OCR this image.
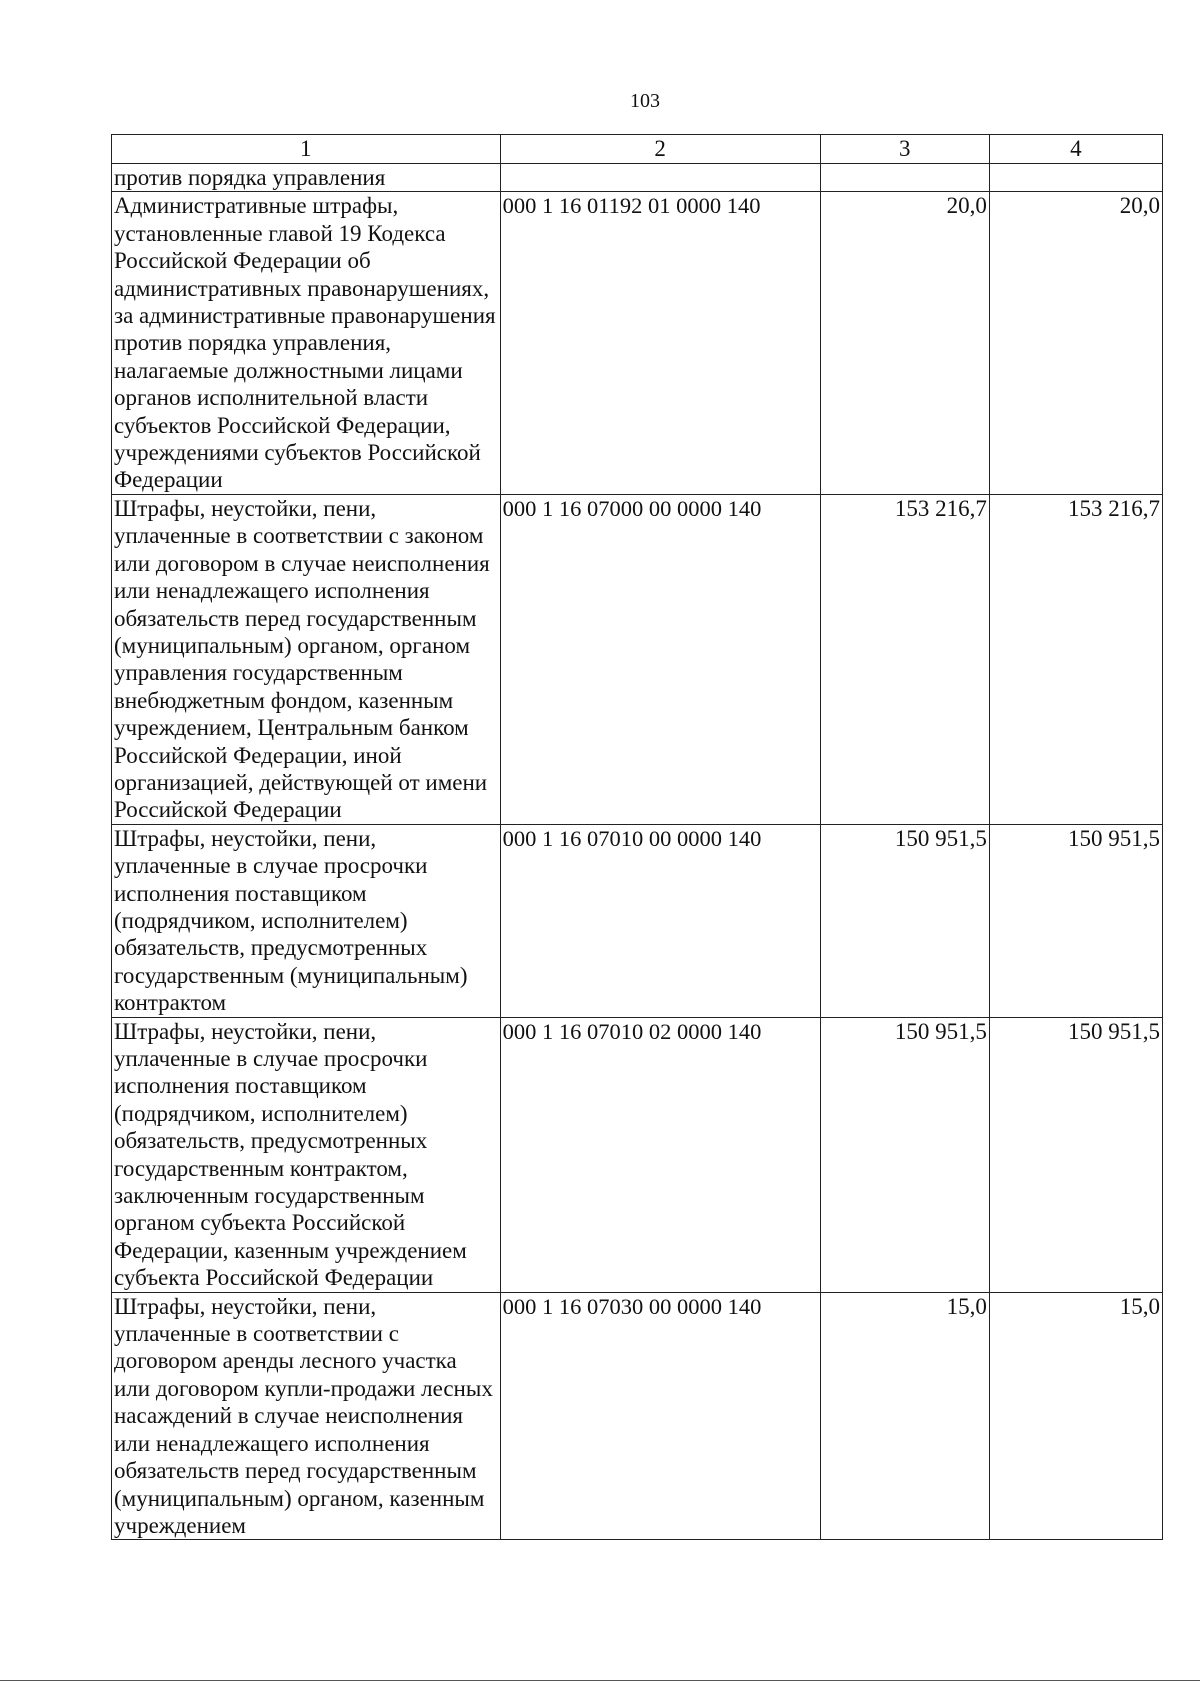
103
1	2	3	4
против порядка управления			
Административные штрафы, установленные главой 19 Кодекса Российской Федерации об административных правонарушениях, за административные правонарушения против порядка управления, налагаемые должностными лицами органов исполнительной власти субъектов Российской Федерации, учреждениями субъектов Российской Федерации	000 1 16 01192 01 0000 140	20,0	20,0
Штрафы, неустойки, пени, уплаченные в соответствии с законом или договором в случае неисполнения или ненадлежащего исполнения обязательств перед государственным (муниципальным) органом, органом управления государственным внебюджетным фондом, казенным учреждением, Центральным банком Российской Федерации, иной организацией, действующей от имени Российской Федерации	000 1 16 07000 00 0000 140	153 216,7	153 216,7
Штрафы, неустойки, пени, уплаченные в случае просрочки исполнения поставщиком (подрядчиком, исполнителем) обязательств, предусмотренных государственным (муниципальным) контрактом	000 1 16 07010 00 0000 140	150 951,5	150 951,5
Штрафы, неустойки, пени, уплаченные в случае просрочки исполнения поставщиком (подрядчиком, исполнителем) обязательств, предусмотренных государственным контрактом, заключенным государственным органом субъекта Российской Федерации, казенным учреждением субъекта Российской Федерации	000 1 16 07010 02 0000 140	150 951,5	150 951,5
Штрафы, неустойки, пени, уплаченные в соответствии с договором аренды лесного участка или договором купли-продажи лесных насаждений в случае неисполнения или ненадлежащего исполнения обязательств перед государственным (муниципальным) органом, казенным учреждением	000 1 16 07030 00 0000 140	15,0	15,0
